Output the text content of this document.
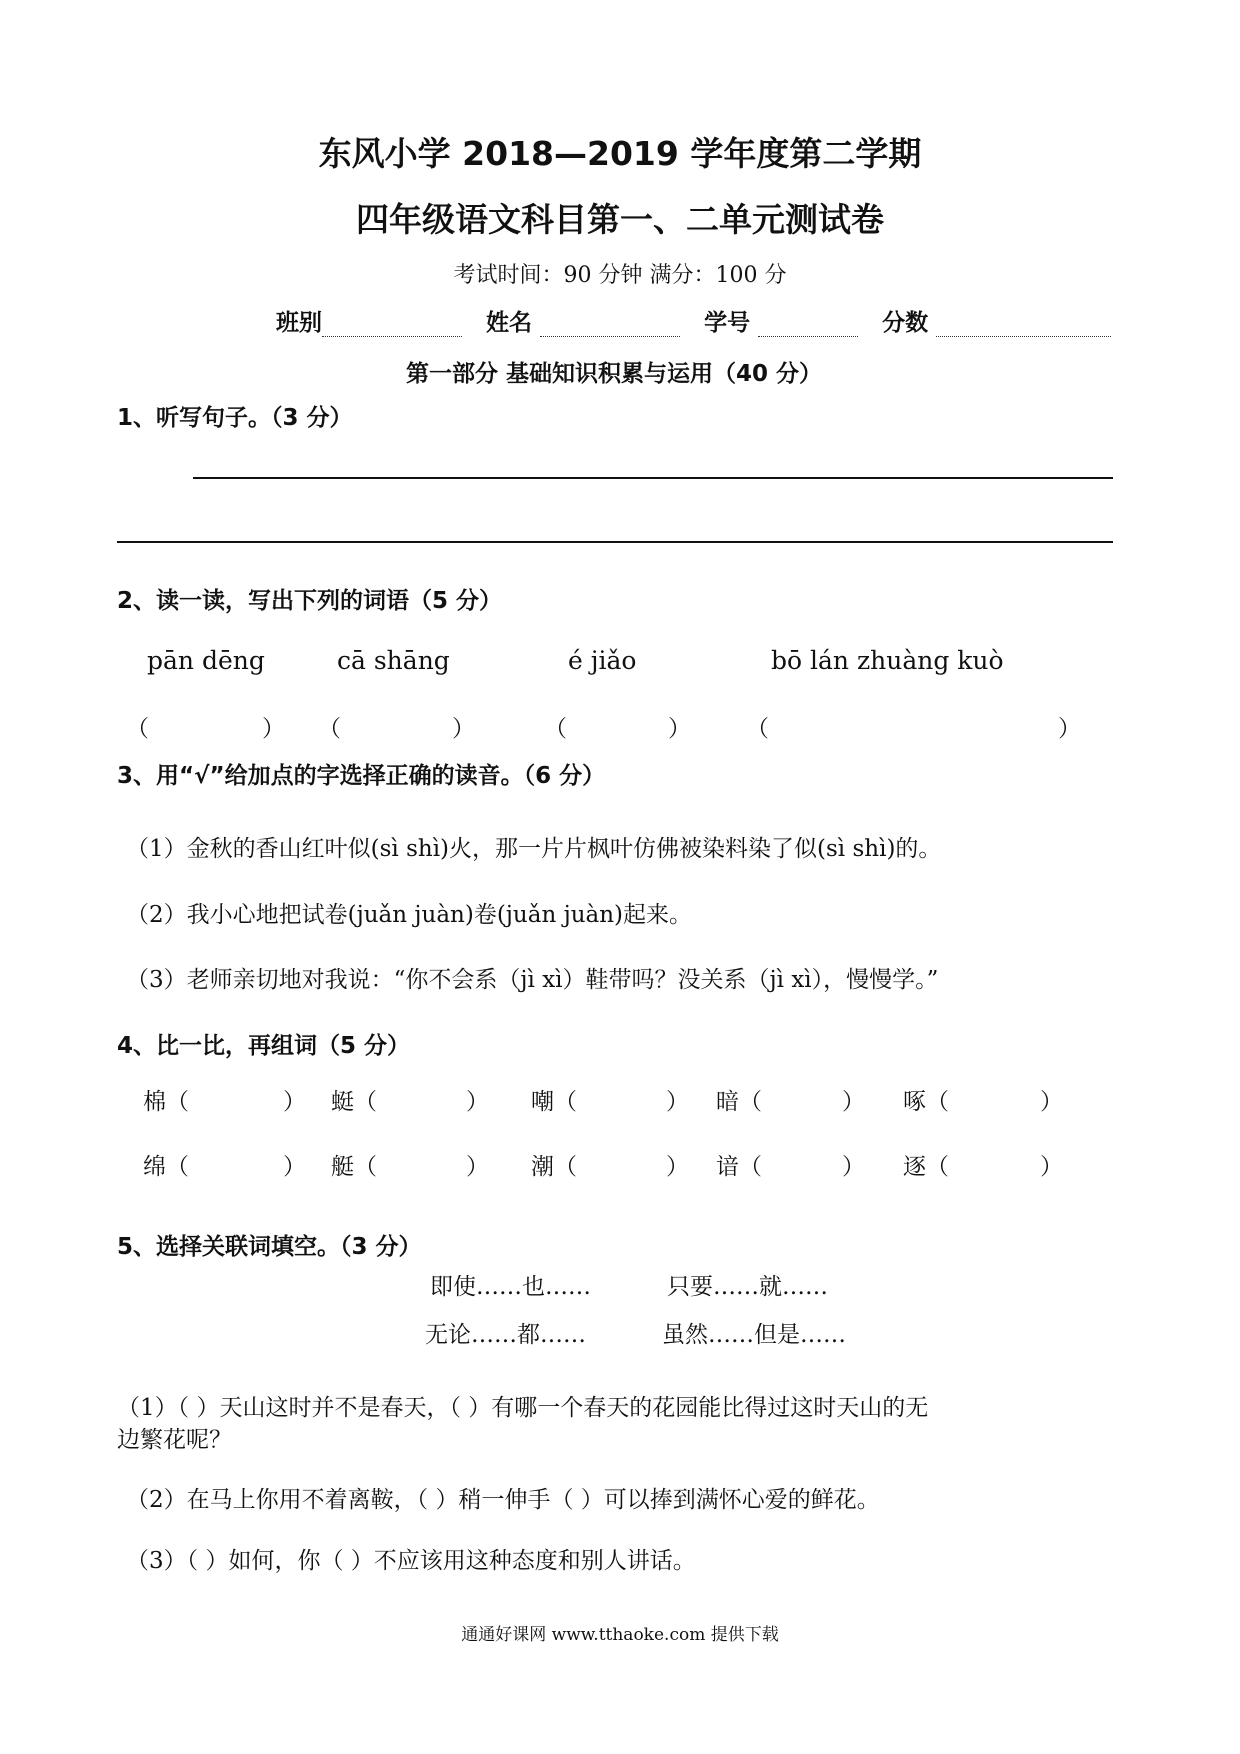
东风小学 2018—2019 学年度第二学期
四年级语文科目第一、二单元测试卷
考试时间：90 分钟 满分：100 分
班别	姓名	学号	分数
第一部分 基础知识积累与运用（40 分）
1、听写句子。（3 分）
2、读一读，写出下列的词语（5 分）
pān dēng	cā shāng	é jiǎo	bō lán zhuàng kuò
（	） （	）	（	） （	）
3、用“√”给加点的字选择正确的读音。（6 分）
（1）金秋的香山红叶似(sì shì)火，那一片片枫叶仿佛被染料染了似(sì shì)的。
（2）我小心地把试卷(juǎn juàn)卷(juǎn juàn)起来。
（3）老师亲切地对我说：“你不会系（jì xì）鞋带吗？没关系（jì xì），慢慢学。”
4、比一比，再组词（5 分）
棉（	） 蜓（	） 嘲（	） 暗（	） 啄（	）
绵（	） 艇（	） 潮（	） 谙（	） 逐（	）
5、选择关联词填空。（3 分）
即使……也……	只要……就……
无论……都……	虽然……但是……
（1）（ ）天山这时并不是春天，（ ）有哪一个春天的花园能比得过这时天山的无
边繁花呢？
（2）在马上你用不着离鞍，（ ）稍一伸手（ ）可以捧到满怀心爱的鲜花。
（3）（ ）如何，你（ ）不应该用这种态度和别人讲话。
通通好课网 www.tthaoke.com 提供下载
